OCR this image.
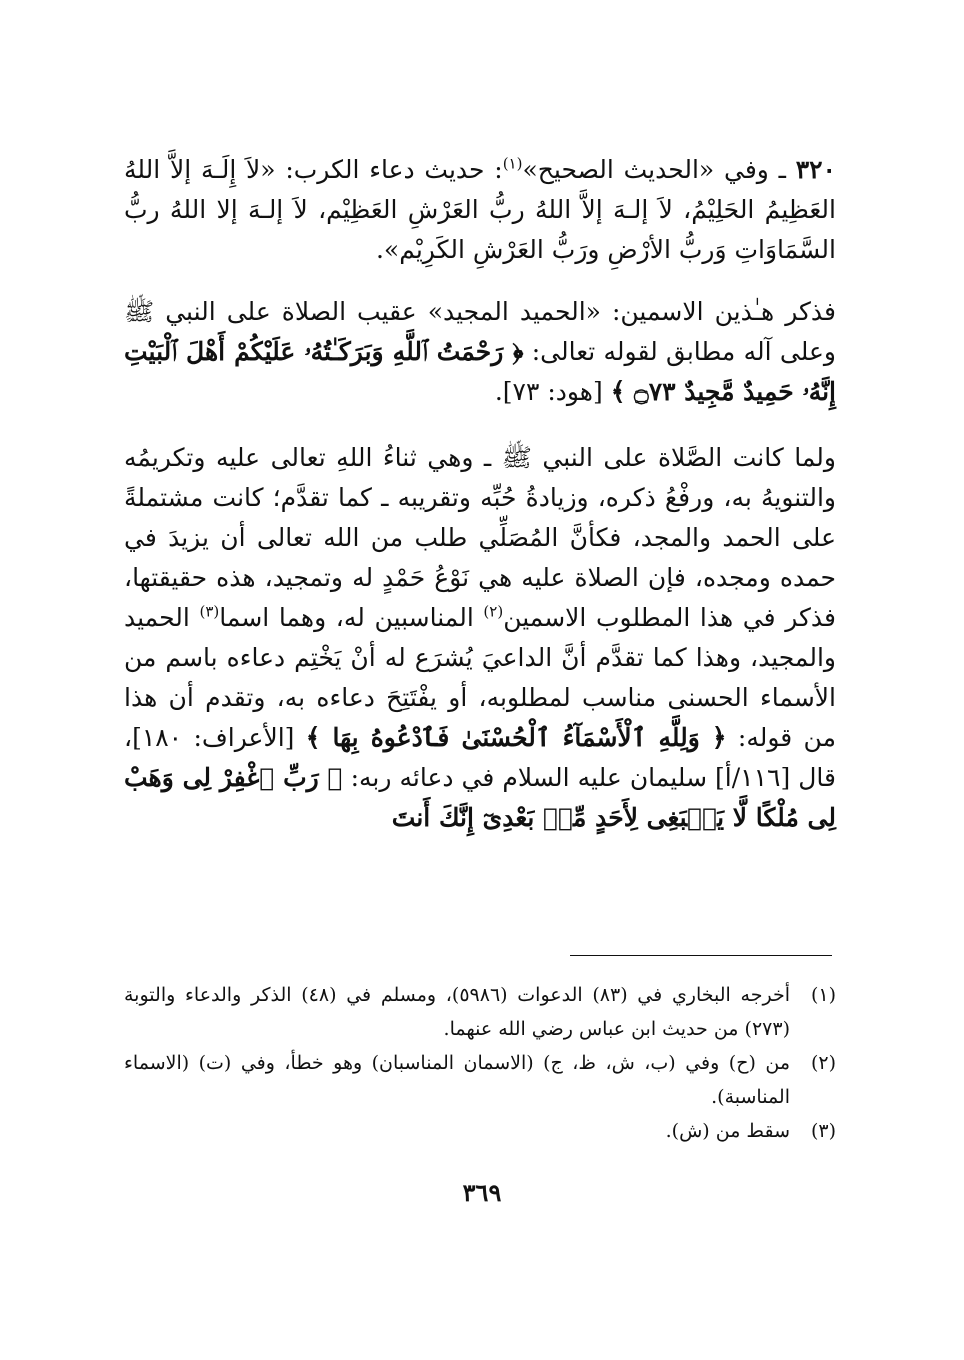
٣٢٠ ـ وفي «الحديث الصحيح»$^{(١)}$: حديث دعاء الكرب: «لاَ إِلَـهَ إلاَّ اللهُ العَظِيمُ الحَلِيْمُ، لاَ إلـهَ إلاَّ اللهُ ربُّ العَرْشِ العَظِيْم، لاَ إلـهَ إلا اللهُ ربُّ السَّمَاوَاتِ وَربُّ الأرْضِ ورَبُّ العَرْشِ الكَرِيْم».

فذكر هـٰذين الاسمين: «الحميد المجيد» عقيب الصلاة على النبي ﷺ وعلى آله مطابق لقوله تعالى: ﴿ رَحْمَتُ ٱللَّهِ وَبَرَكَـٰتُهُۥ عَلَيْكُمْ أَهْلَ ٱلْبَيْتِ إِنَّهُۥ حَمِيدٌ مَّجِيدٌ ۝٧٣ ﴾ [هود: ٧٣].

ولما كانت الصَّلاة على النبي ﷺ ـ وهي ثناءُ اللهِ تعالى عليه وتكريمُه والتنويهُ به، ورفْعُ ذكره، وزيادةُ حُبِّه وتقريبه ـ كما تقدَّم؛ كانت مشتملةً على الحمد والمجد، فكأنَّ المُصَلِّي طلب من الله تعالى أن يزيدَ في حمده ومجده، فإن الصلاة عليه هي نَوْعُ حَمْدٍ له وتمجيد، هذه حقيقتها، فذكر في هذا المطلوب الاسمين$^{(٢)}$ المناسبين له، وهما اسما$^{(٣)}$ الحميد والمجيد، وهذا كما تقدَّم أنَّ الداعيَ يُشرَع له أنْ يَخْتِم دعاءه باسم من الأسماء الحسنى مناسب لمطلوبه، أو يفْتَتِحَ دعاءه به، وتقدم أن هذا من قوله: ﴿ وَلِلَّهِ ٱلْأَسْمَآءُ ٱلْحُسْنَىٰ فَٱدْعُوهُ بِهَا ﴾ [الأعراف: ١٨٠]، قال [١١٦/أ] سليمان عليه السلام في دعائه ربه: ﴿ رَبِّ ٱغْفِرْ لِى وَهَبْ لِى مُلْكًا لَّا يَنۢبَغِى لِأَحَدٍ مِّنۢ بَعْدِىٓ إِنَّكَ أَنتَ

(١)
أخرجه البخاري في (٨٣) الدعوات (٥٩٨٦)، ومسلم في (٤٨) الذكر والدعاء والتوبة (٢٧٣) من حديث ابن عباس رضي الله عنهما.
(٢)
من (ح) وفي (ب، ش، ظ، ج) (الاسمان المناسبان) وهو خطأ، وفي (ت) (الاسماء المناسبة).
(٣)
سقط من (ش).
٣٦٩
